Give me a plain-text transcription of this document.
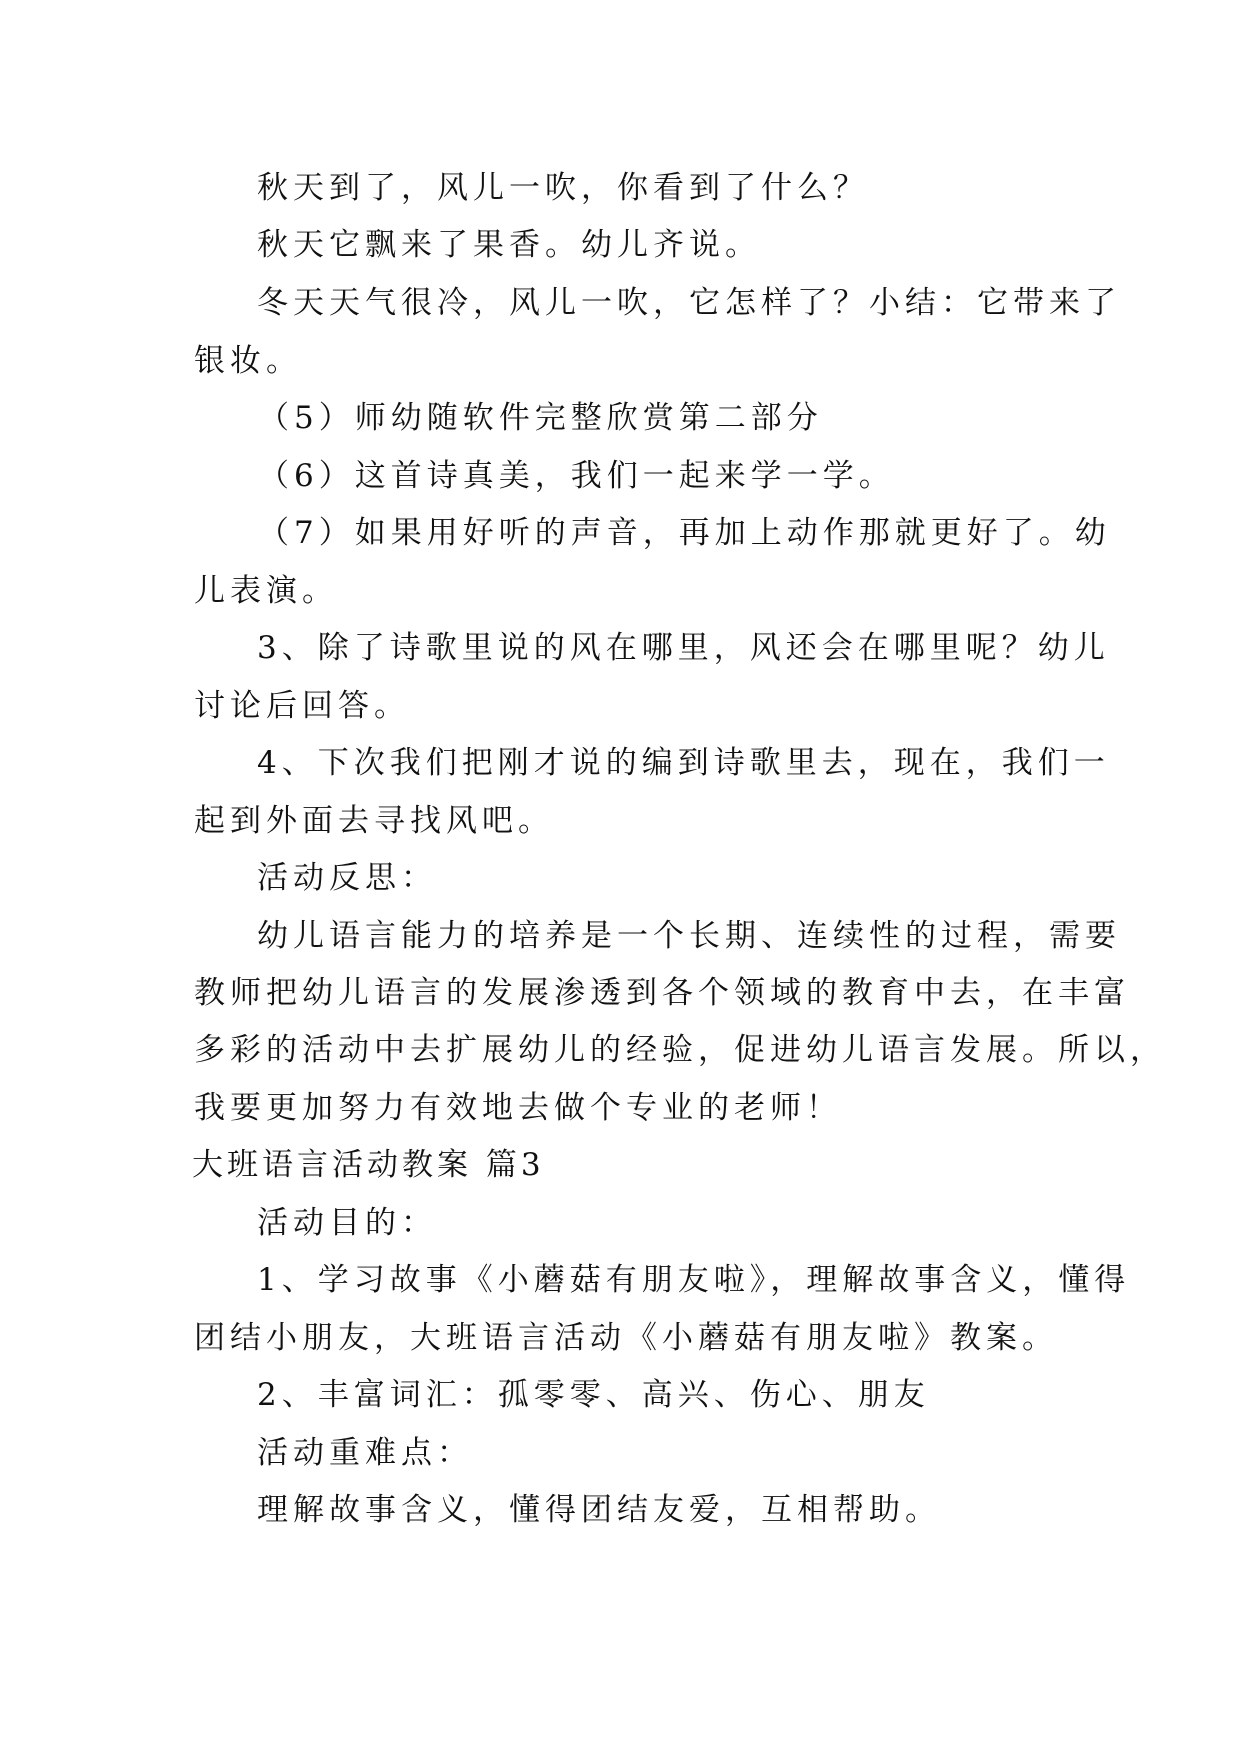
秋天到了，风儿一吹，你看到了什么？
秋天它飘来了果香。幼儿齐说。
冬天天气很冷，风儿一吹，它怎样了？小结：它带来了
银妆。
（5）师幼随软件完整欣赏第二部分
（6）这首诗真美，我们一起来学一学。
（7）如果用好听的声音，再加上动作那就更好了。幼
儿表演。
3、除了诗歌里说的风在哪里，风还会在哪里呢？幼儿
讨论后回答。
4、下次我们把刚才说的编到诗歌里去，现在，我们一
起到外面去寻找风吧。
活动反思：
幼儿语言能力的培养是一个长期、连续性的过程，需要
教师把幼儿语言的发展渗透到各个领域的教育中去，在丰富
多彩的活动中去扩展幼儿的经验，促进幼儿语言发展。所以，
我要更加努力有效地去做个专业的老师！
大班语言活动教案 篇3
活动目的：
1、学习故事《小蘑菇有朋友啦》，理解故事含义，懂得
团结小朋友，大班语言活动《小蘑菇有朋友啦》教案。
2、丰富词汇：孤零零、高兴、伤心、朋友
活动重难点：
理解故事含义，懂得团结友爱，互相帮助。
